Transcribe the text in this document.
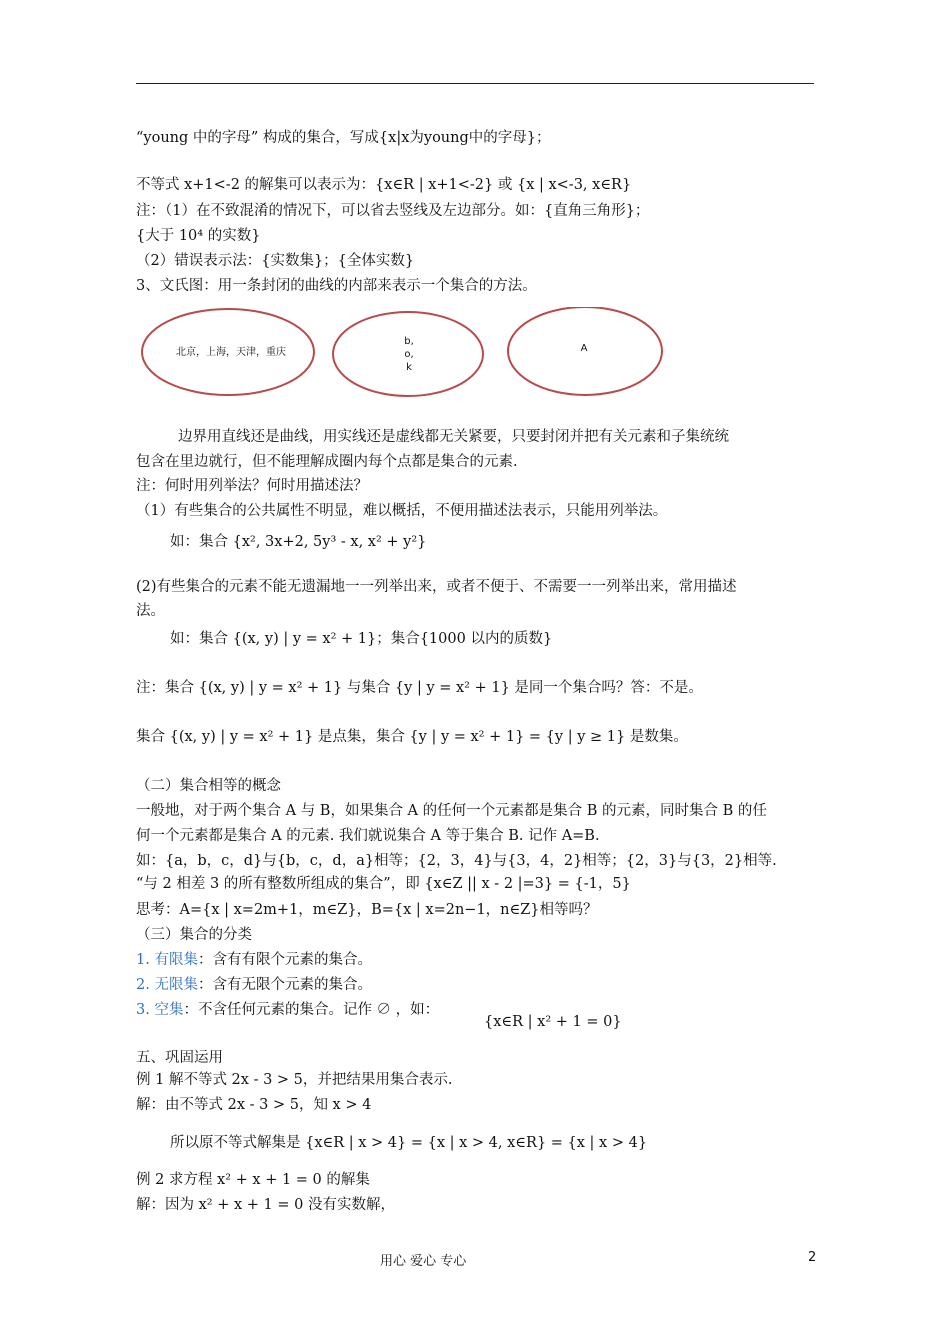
“young 中的字母” 构成的集合，写成{x|x为young中的字母}；
不等式 x+1<-2 的解集可以表示为：{x∈R | x+1<-2} 或 {x | x<-3, x∈R}
注：（1）在不致混淆的情况下，可以省去竖线及左边部分。如：{直角三角形}；
{大于 10⁴ 的实数}
（2）错误表示法：{实数集}；{全体实数}
3、文氏图：用一条封闭的曲线的内部来表示一个集合的方法。
北京，上海，天津，重庆
b,
o,
k
A
边界用直线还是曲线，用实线还是虚线都无关紧要，只要封闭并把有关元素和子集统统
包含在里边就行，但不能理解成圈内每个点都是集合的元素.
注：何时用列举法？何时用描述法？
（1）有些集合的公共属性不明显，难以概括，不便用描述法表示，只能用列举法。
如：集合 {x², 3x+2, 5y³ - x, x² + y²}
(2)有些集合的元素不能无遗漏地一一列举出来，或者不便于、不需要一一列举出来，常用描述
法。
如：集合 {(x, y) | y = x² + 1}；集合{1000 以内的质数}
注：集合 {(x, y) | y = x² + 1} 与集合 {y | y = x² + 1} 是同一个集合吗？答：不是。
集合 {(x, y) | y = x² + 1} 是点集，集合 {y | y = x² + 1} = {y | y ≥ 1} 是数集。
（二）集合相等的概念
一般地，对于两个集合 A 与 B，如果集合 A 的任何一个元素都是集合 B 的元素，同时集合 B 的任
何一个元素都是集合 A 的元素. 我们就说集合 A 等于集合 B. 记作 A=B.
如：{a，b，c，d}与{b，c，d，a}相等；{2，3，4}与{3，4，2}相等；{2，3}与{3，2}相等.
“与 2 相差 3 的所有整数所组成的集合”，即 {x∈Z || x - 2 |=3} = {-1，5}
思考：A={x | x=2m+1，m∈Z}，B={x | x=2n−1，n∈Z}相等吗？
（三）集合的分类
1. 有限集：含有有限个元素的集合。
2. 无限集：含有无限个元素的集合。
3. 空集：不含任何元素的集合。记作 ∅ ，如：
{x∈R | x² + 1 = 0}
五、巩固运用
例 1 解不等式 2x - 3 > 5，并把结果用集合表示.
解：由不等式 2x - 3 > 5，知 x > 4
所以原不等式解集是 {x∈R | x > 4} = {x | x > 4, x∈R} = {x | x > 4}
例 2 求方程 x² + x + 1 = 0 的解集
解：因为 x² + x + 1 = 0 没有实数解，
用心 爱心 专心	2
